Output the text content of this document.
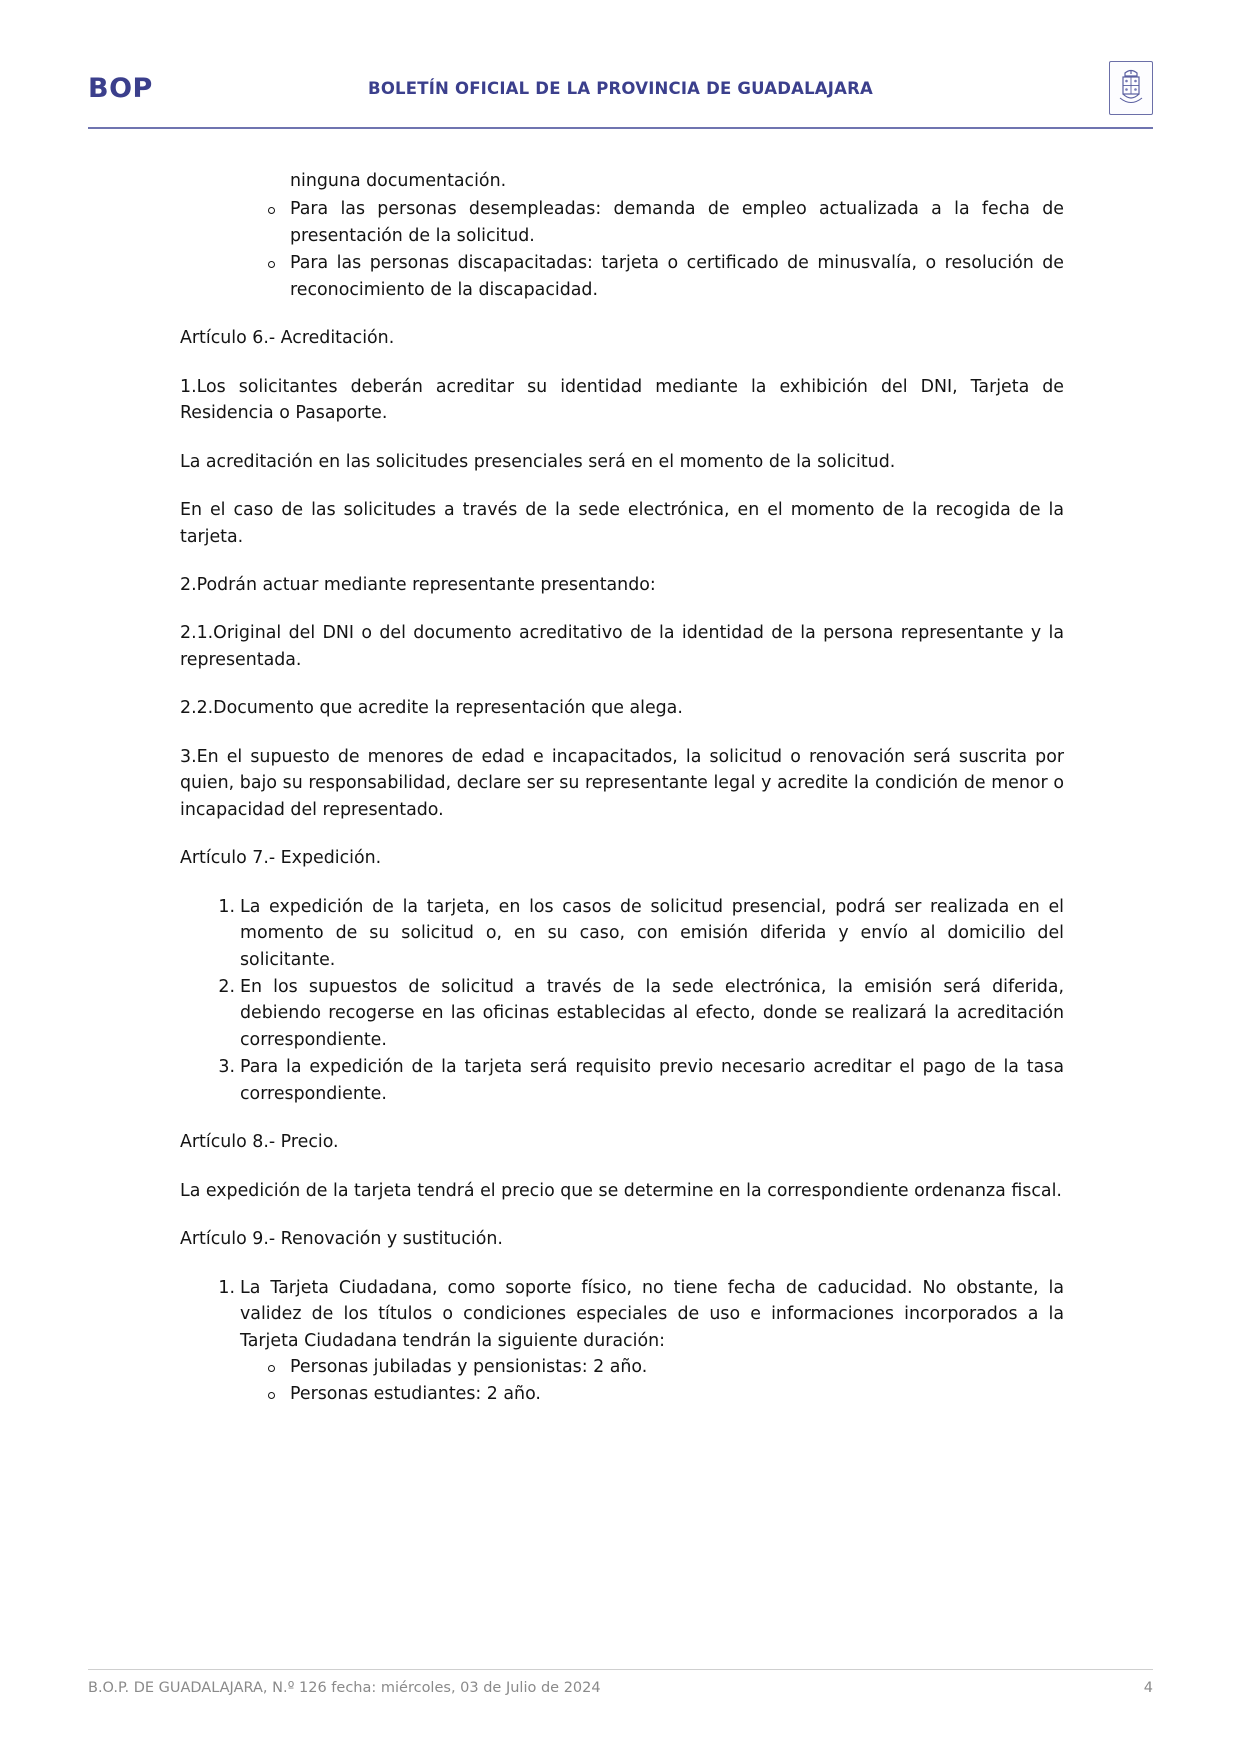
BOP	BOLETÍN OFICIAL DE LA PROVINCIA DE GUADALAJARA
ninguna documentación.
Para las personas desempleadas: demanda de empleo actualizada a la fecha de presentación de la solicitud.
Para las personas discapacitadas: tarjeta o certificado de minusvalía, o resolución de reconocimiento de la discapacidad.

Artículo 6.- Acreditación.

1.Los solicitantes deberán acreditar su identidad mediante la exhibición del DNI, Tarjeta de Residencia o Pasaporte.

La acreditación en las solicitudes presenciales será en el momento de la solicitud.

En el caso de las solicitudes a través de la sede electrónica, en el momento de la recogida de la tarjeta.

2.Podrán actuar mediante representante presentando:

2.1.Original del DNI o del documento acreditativo de la identidad de la persona representante y la representada.

2.2.Documento que acredite la representación que alega.

3.En el supuesto de menores de edad e incapacitados, la solicitud o renovación será suscrita por quien, bajo su responsabilidad, declare ser su representante legal y acredite la condición de menor o incapacidad del representado.

Artículo 7.- Expedición.

La expedición de la tarjeta, en los casos de solicitud presencial, podrá ser realizada en el momento de su solicitud o, en su caso, con emisión diferida y envío al domicilio del solicitante.
En los supuestos de solicitud a través de la sede electrónica, la emisión será diferida, debiendo recogerse en las oficinas establecidas al efecto, donde se realizará la acreditación correspondiente.
Para la expedición de la tarjeta será requisito previo necesario acreditar el pago de la tasa correspondiente.

Artículo 8.- Precio.

La expedición de la tarjeta tendrá el precio que se determine en la correspondiente ordenanza fiscal.

Artículo 9.- Renovación y sustitución.

La Tarjeta Ciudadana, como soporte físico, no tiene fecha de caducidad. No obstante, la validez de los títulos o condiciones especiales de uso e informaciones incorporados a la Tarjeta Ciudadana tendrán la siguiente duración:
Personas jubiladas y pensionistas: 2 año.
Personas estudiantes: 2 año.
B.O.P. DE GUADALAJARA, N.º 126 fecha: miércoles, 03 de Julio de 2024	4
